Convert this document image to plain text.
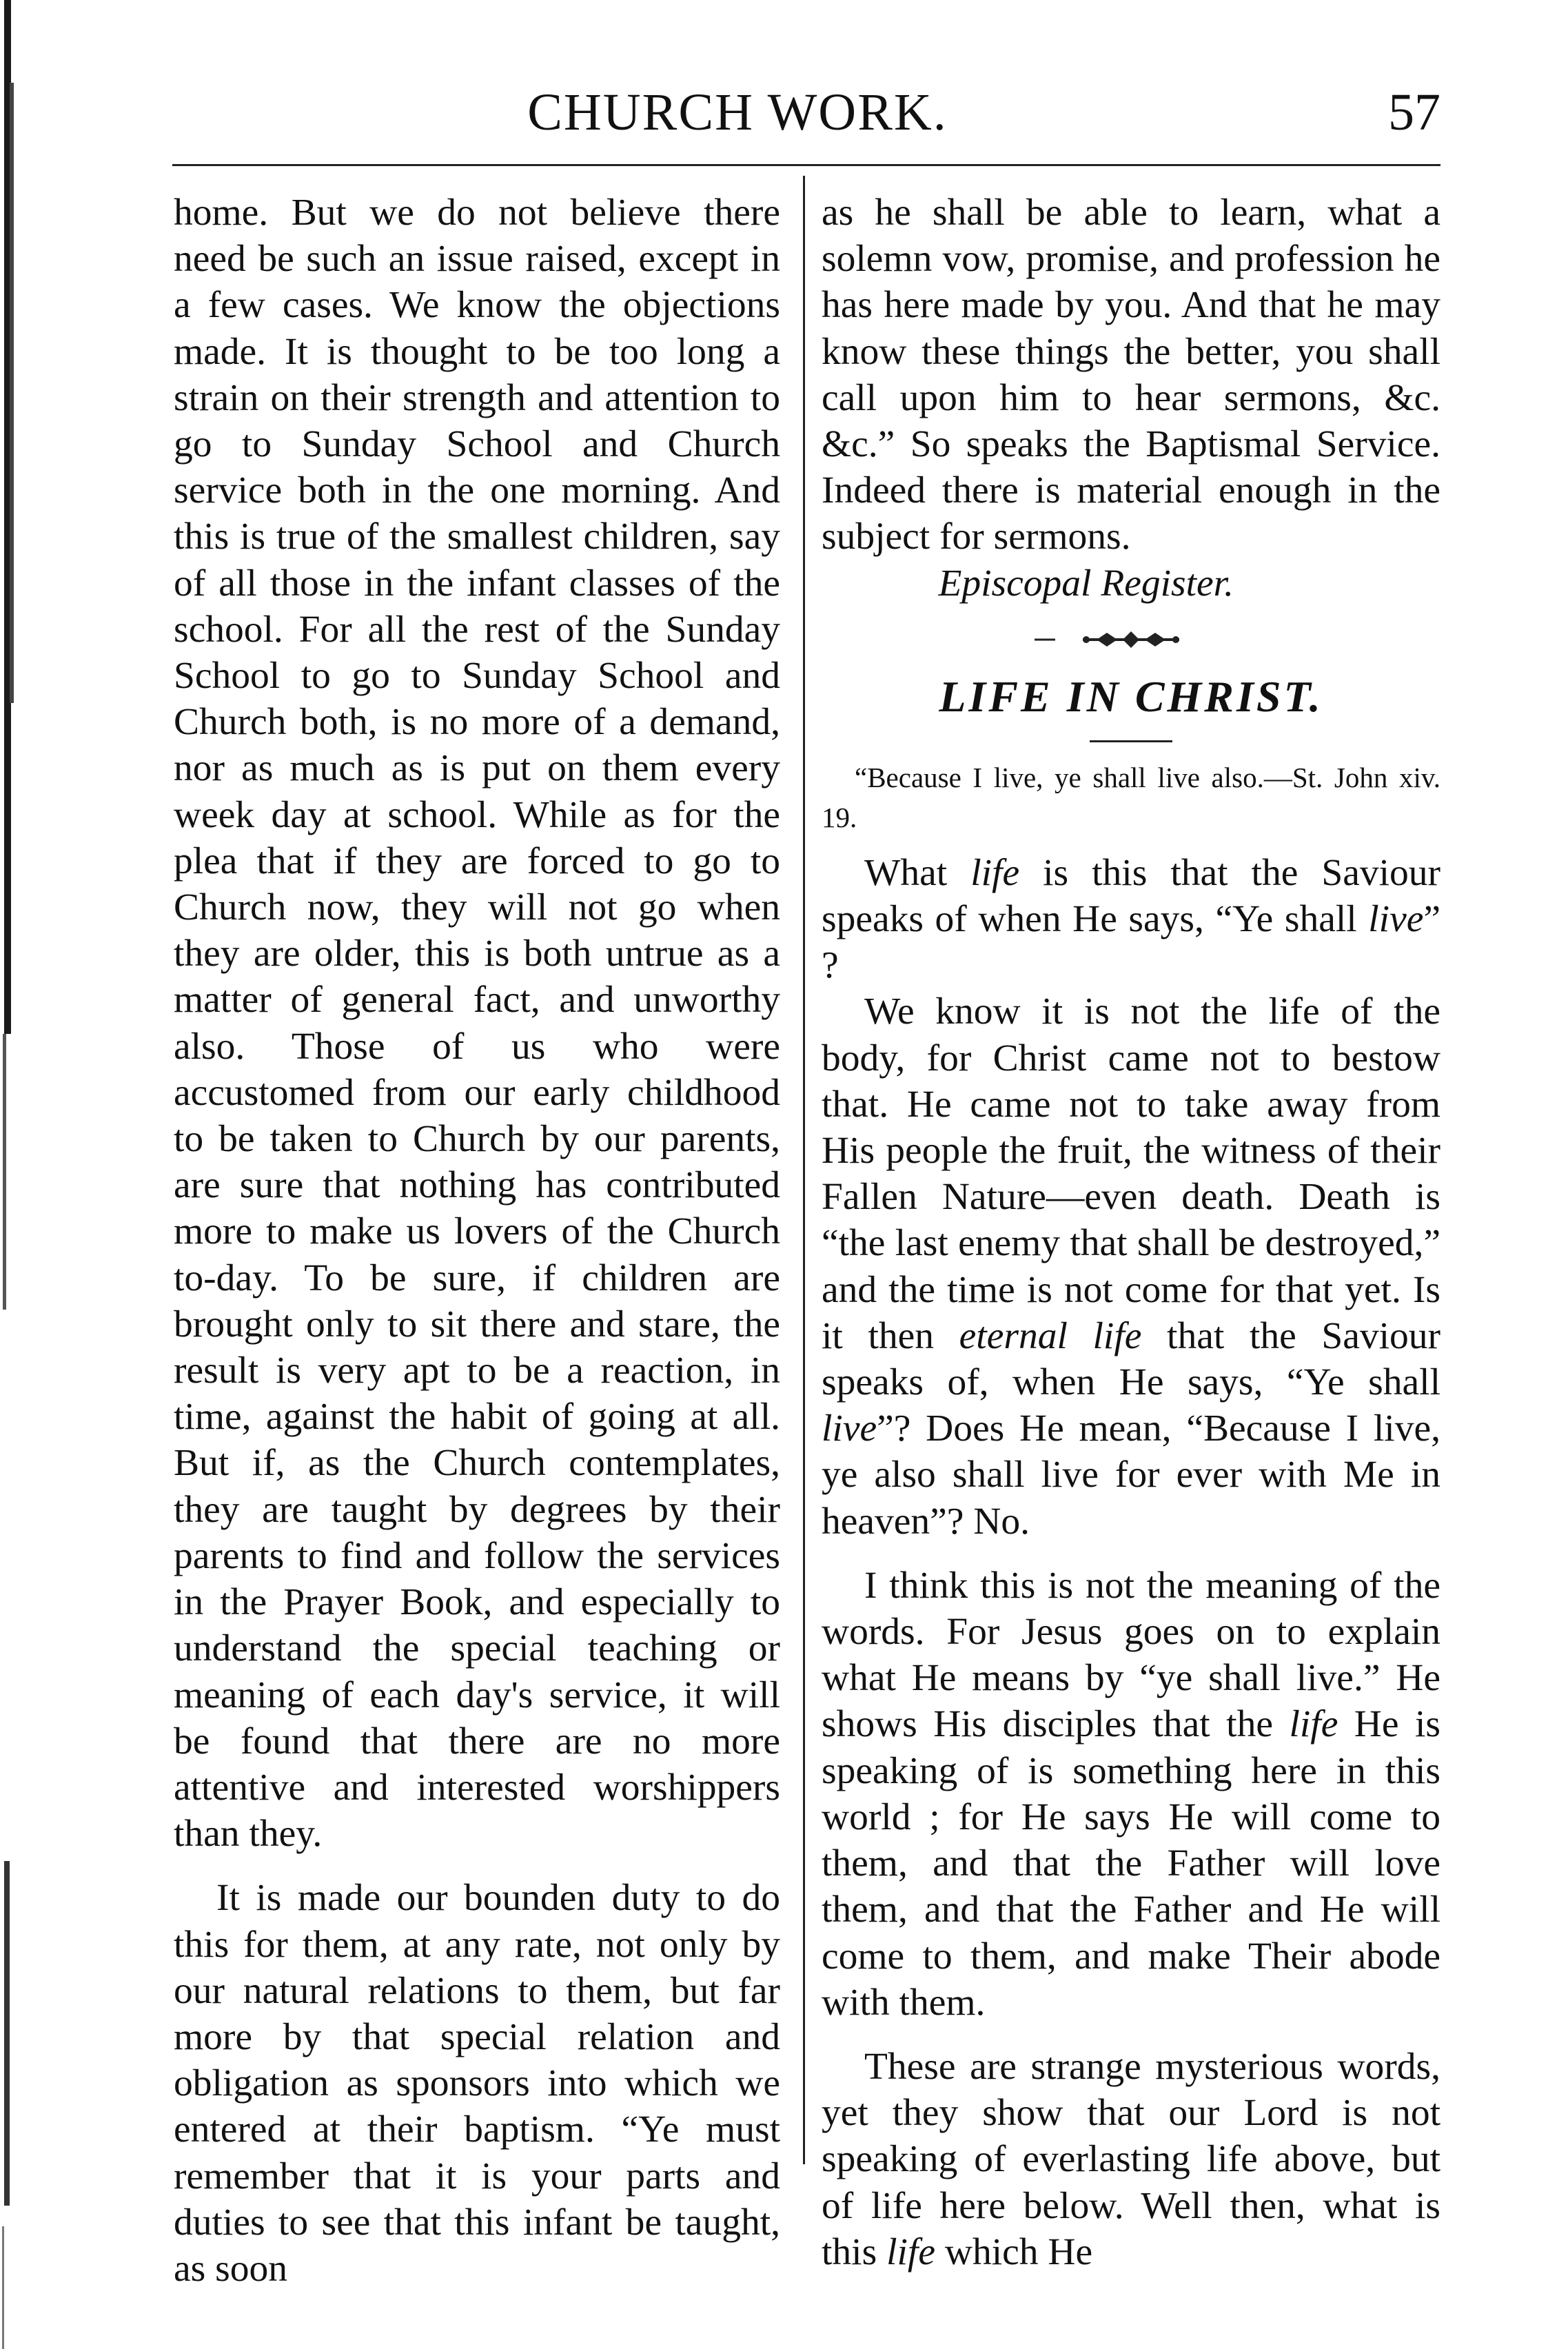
CHURCH WORK.	57

home. But we do not believe there need be such an issue raised, except in a few cases. We know the objections made. It is thought to be too long a strain on their strength and attention to go to Sunday School and Church service both in the one morning. And this is true of the smallest children, say of all those in the infant classes of the school. For all the rest of the Sunday School to go to Sunday School and Church both, is no more of a demand, nor as much as is put on them every week day at school. While as for the plea that if they are forced to go to Church now, they will not go when they are older, this is both untrue as a matter of general fact, and unworthy also. Those of us who were accustomed from our early childhood to be taken to Church by our parents, are sure that nothing has contributed more to make us lovers of the Church to-day. To be sure, if children are brought only to sit there and stare, the result is very apt to be a reaction, in time, against the habit of going at all. But if, as the Church contemplates, they are taught by degrees by their parents to find and follow the services in the Prayer Book, and especially to understand the special teaching or meaning of each day's service, it will be found that there are no more attentive and interested worshippers than they.

It is made our bounden duty to do this for them, at any rate, not only by our natural relations to them, but far more by that special relation and obligation as sponsors into which we entered at their baptism. “Ye must remember that it is your parts and duties to see that this infant be taught, as soon

as he shall be able to learn, what a solemn vow, promise, and profession he has here made by you. And that he may know these things the better, you shall call upon him to hear sermons, &c. &c.” So speaks the Baptismal Service. Indeed there is material enough in the subject for sermons.

Episcopal Register.

LIFE IN CHRIST.

“Because I live, ye shall live also.—St. John xiv. 19.

What life is this that the Saviour speaks of when He says, “Ye shall live” ?

We know it is not the life of the body, for Christ came not to bestow that. He came not to take away from His people the fruit, the witness of their Fallen Nature—even death. Death is “the last enemy that shall be destroyed,” and the time is not come for that yet. Is it then eternal life that the Saviour speaks of, when He says, “Ye shall live”? Does He mean, “Because I live, ye also shall live for ever with Me in heaven”? No.

I think this is not the meaning of the words. For Jesus goes on to explain what He means by “ye shall live.” He shows His disciples that the life He is speaking of is something here in this world ; for He says He will come to them, and that the Father will love them, and that the Father and He will come to them, and make Their abode with them.

These are strange mysterious words, yet they show that our Lord is not speaking of everlasting life above, but of life here below. Well then, what is this life which He
